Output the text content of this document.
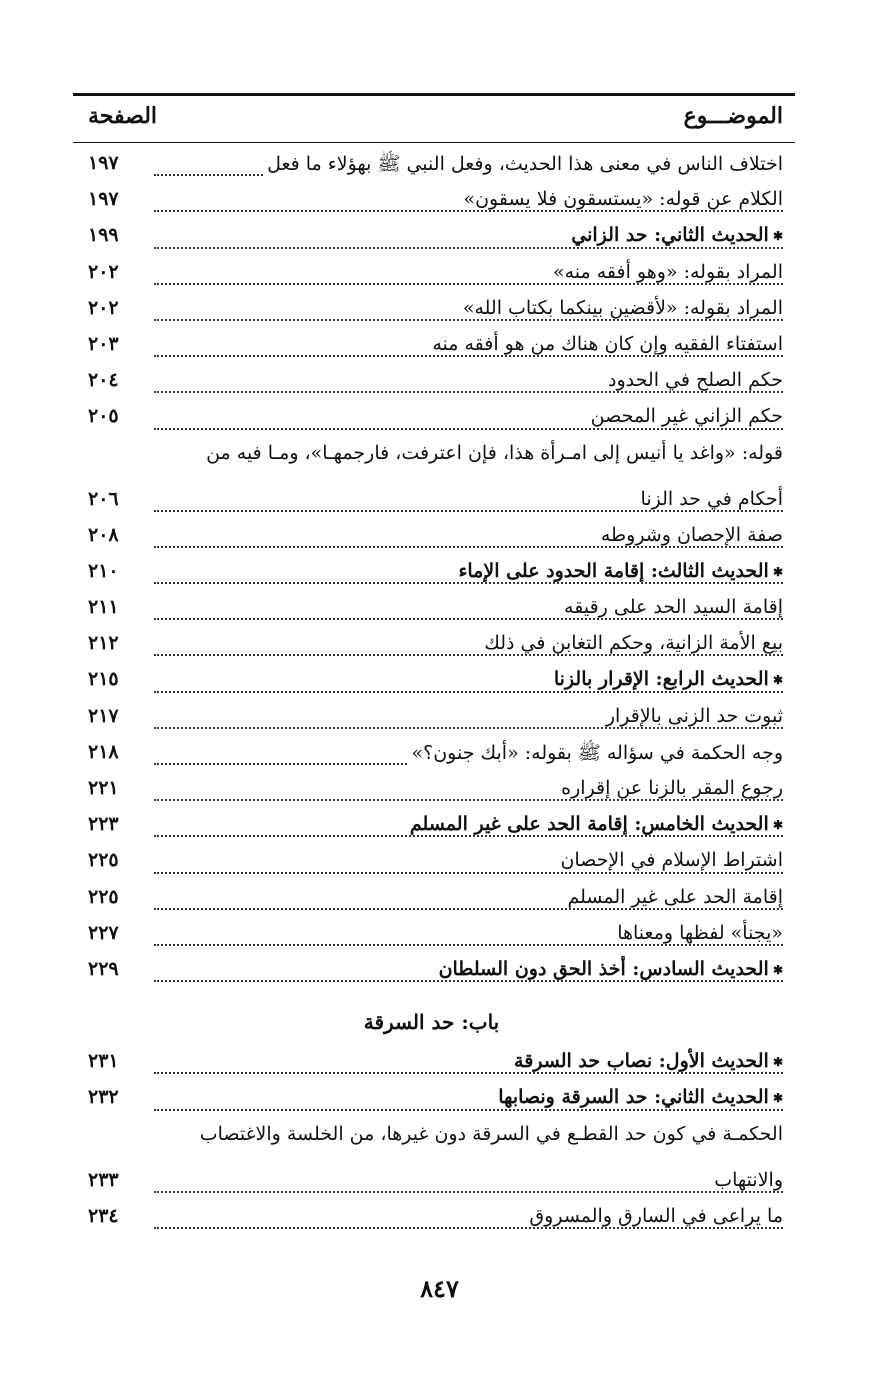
الموضـــوع
الصفحة
اختلاف الناس في معنى هذا الحديث، وفعل النبي ﷺ بهؤلاء ما فعل
١٩٧
الكلام عن قوله: «يستسقون فلا يسقون»
١٩٧
✱ الحديث الثاني: حد الزاني
١٩٩
المراد بقوله: «وهو أفقه منه»
٢٠٢
المراد بقوله: «لأقضين بينكما بكتاب الله»
٢٠٢
استفتاء الفقيه وإن كان هناك من هو أفقه منه
٢٠٣
حكم الصلح في الحدود
٢٠٤
حكم الزاني غير المحصن
٢٠٥
قوله: «واغد يا أنيس إلى امـرأة هذا، فإن اعترفت، فارجمهـا»، ومـا فيه من
أحكام في حد الزنا
٢٠٦
صفة الإحصان وشروطه
٢٠٨
✱ الحديث الثالث: إقامة الحدود على الإماء
٢١٠
إقامة السيد الحد على رقيقه
٢١١
بيع الأمة الزانية، وحكم التغابن في ذلك
٢١٢
✱ الحديث الرابع: الإقرار بالزنا
٢١٥
ثبوت حد الزنى بالإقرار
٢١٧
وجه الحكمة في سؤاله ﷺ بقوله: «أبك جنون؟»
٢١٨
رجوع المقر بالزنا عن إقراره
٢٢١
✱ الحديث الخامس: إقامة الحد على غير المسلم
٢٢٣
اشتراط الإسلام في الإحصان
٢٢٥
إقامة الحد على غير المسلم
٢٢٥
«يجنأ» لفظها ومعناها
٢٢٧
✱ الحديث السادس: أخذ الحق دون السلطان
٢٢٩
باب: حد السرقة
✱ الحديث الأول: نصاب حد السرقة
٢٣١
✱ الحديث الثاني: حد السرقة ونصابها
٢٣٢
الحكمـة في كون حد القطـع في السرقة دون غيرها، من الخلسة والاغتصاب
والانتهاب
٢٣٣
ما يراعى في السارق والمسروق
٢٣٤
٨٤٧
